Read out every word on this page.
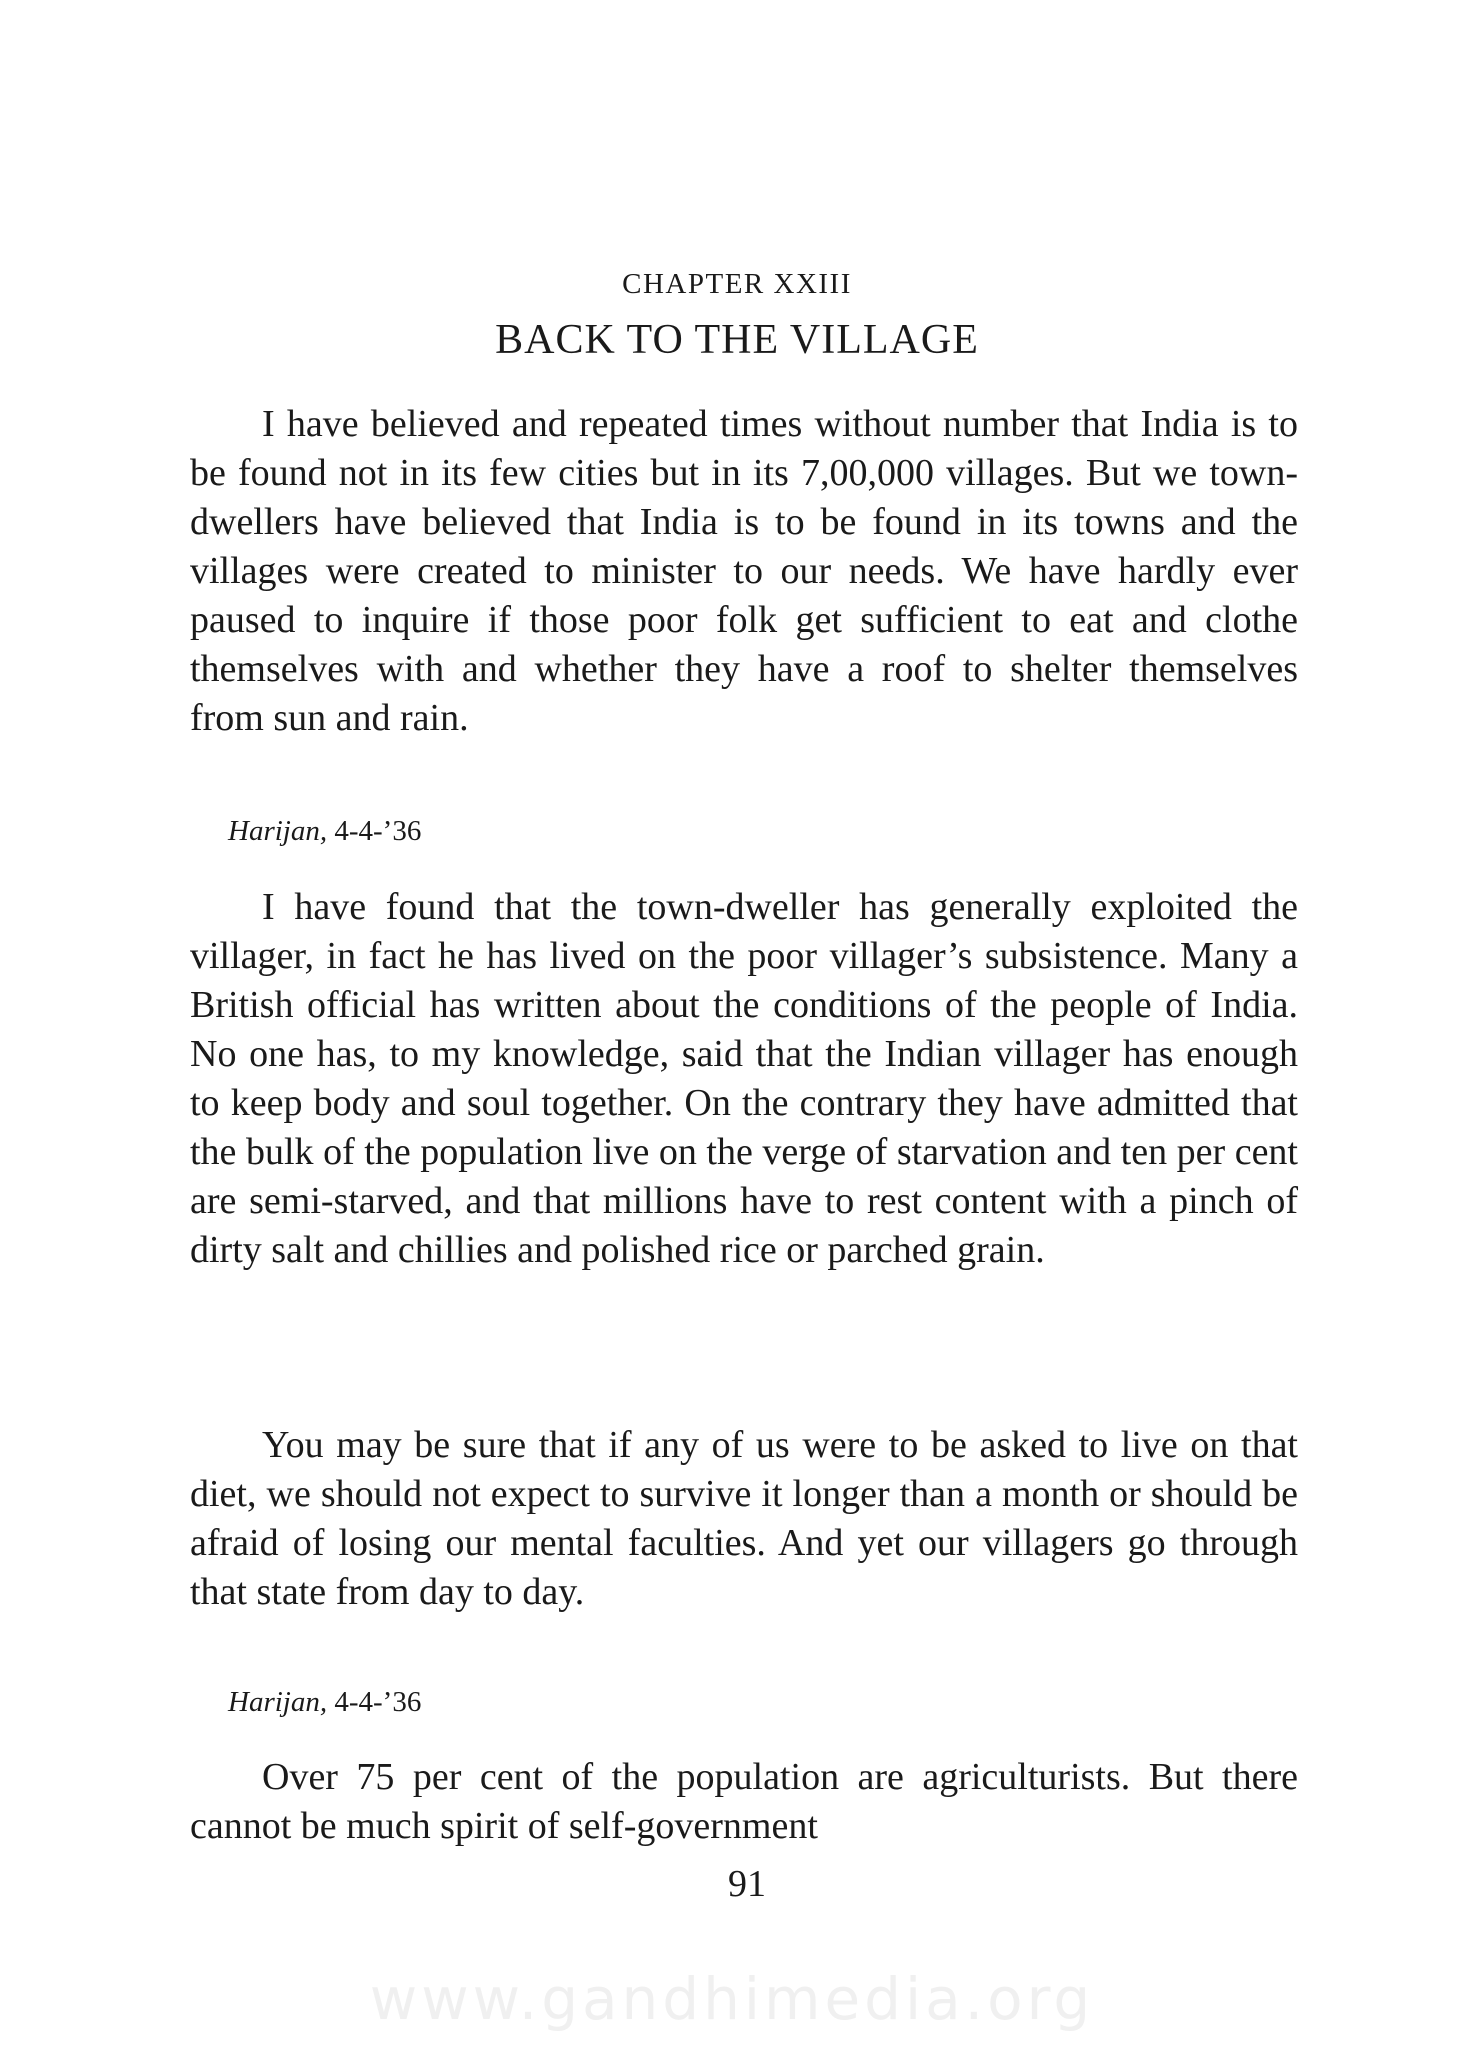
CHAPTER XXIII
BACK TO THE VILLAGE

I have believed and repeated times without number that India is to be found not in its few cities but in its 7,00,000 villages. But we town-dwellers have believed that India is to be found in its towns and the villages were created to minister to our needs. We have hardly ever paused to inquire if those poor folk get sufficient to eat and clothe themselves with and whether they have a roof to shelter themselves from sun and rain.

Harijan, 4-4-’36

I have found that the town-dweller has generally exploited the villager, in fact he has lived on the poor villager’s subsistence. Many a British official has written about the conditions of the people of India. No one has, to my knowledge, said that the Indian villager has enough to keep body and soul together. On the contrary they have admitted that the bulk of the population live on the verge of starvation and ten per cent are semi-starved, and that millions have to rest content with a pinch of dirty salt and chillies and polished rice or parched grain.

You may be sure that if any of us were to be asked to live on that diet, we should not expect to survive it longer than a month or should be afraid of losing our mental faculties. And yet our villagers go through that state from day to day.

Harijan, 4-4-’36

Over 75 per cent of the population are agriculturists. But there cannot be much spirit of self-government

91
www.gandhimedia.org
